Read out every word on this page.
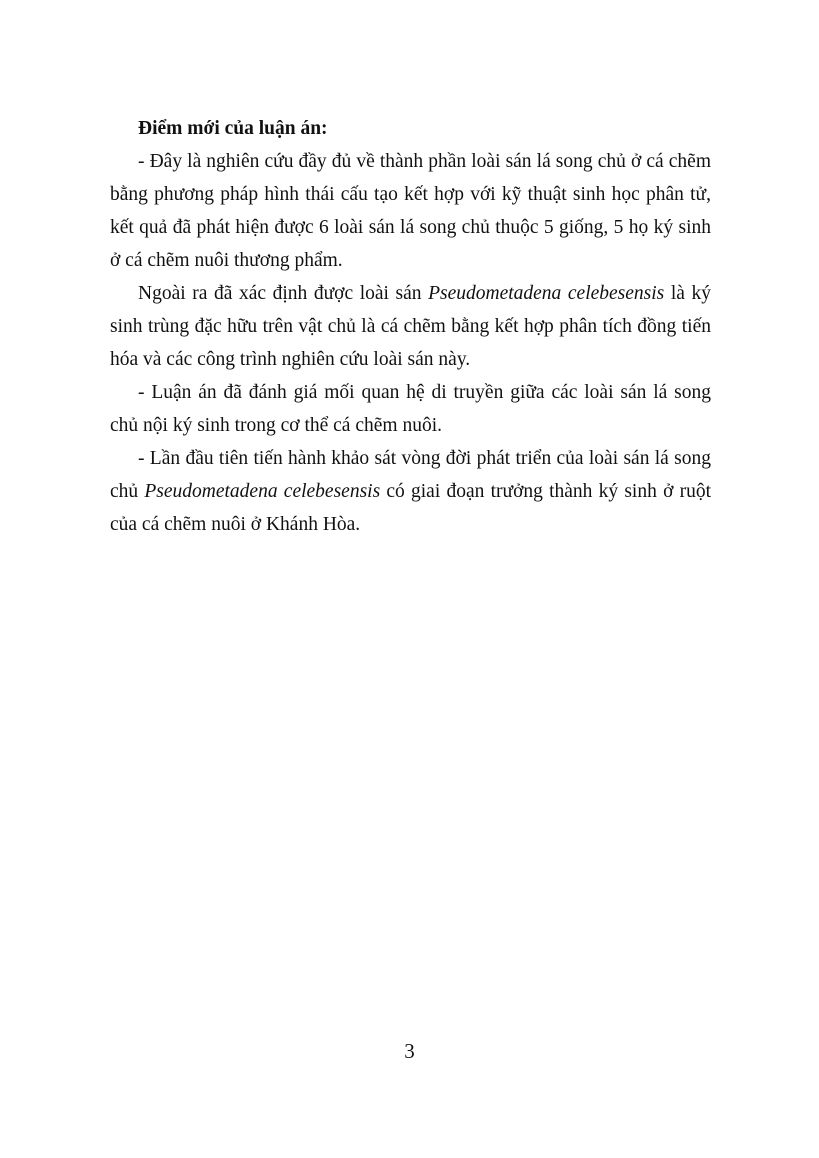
Điểm mới của luận án:

- Đây là nghiên cứu đầy đủ về thành phần loài sán lá song chủ ở cá chẽm bằng phương pháp hình thái cấu tạo kết hợp với kỹ thuật sinh học phân tử, kết quả đã phát hiện được 6 loài sán lá song chủ thuộc 5 giống, 5 họ ký sinh ở cá chẽm nuôi thương phẩm.

Ngoài ra đã xác định được loài sán Pseudometadena celebesensis là ký sinh trùng đặc hữu trên vật chủ là cá chẽm bằng kết hợp phân tích đồng tiến hóa và các công trình nghiên cứu loài sán này.

- Luận án đã đánh giá mối quan hệ di truyền giữa các loài sán lá song chủ nội ký sinh trong cơ thể cá chẽm nuôi.

- Lần đầu tiên tiến hành khảo sát vòng đời phát triển của loài sán lá song chủ Pseudometadena celebesensis có giai đoạn trưởng thành ký sinh ở ruột của cá chẽm nuôi ở Khánh Hòa.

3
